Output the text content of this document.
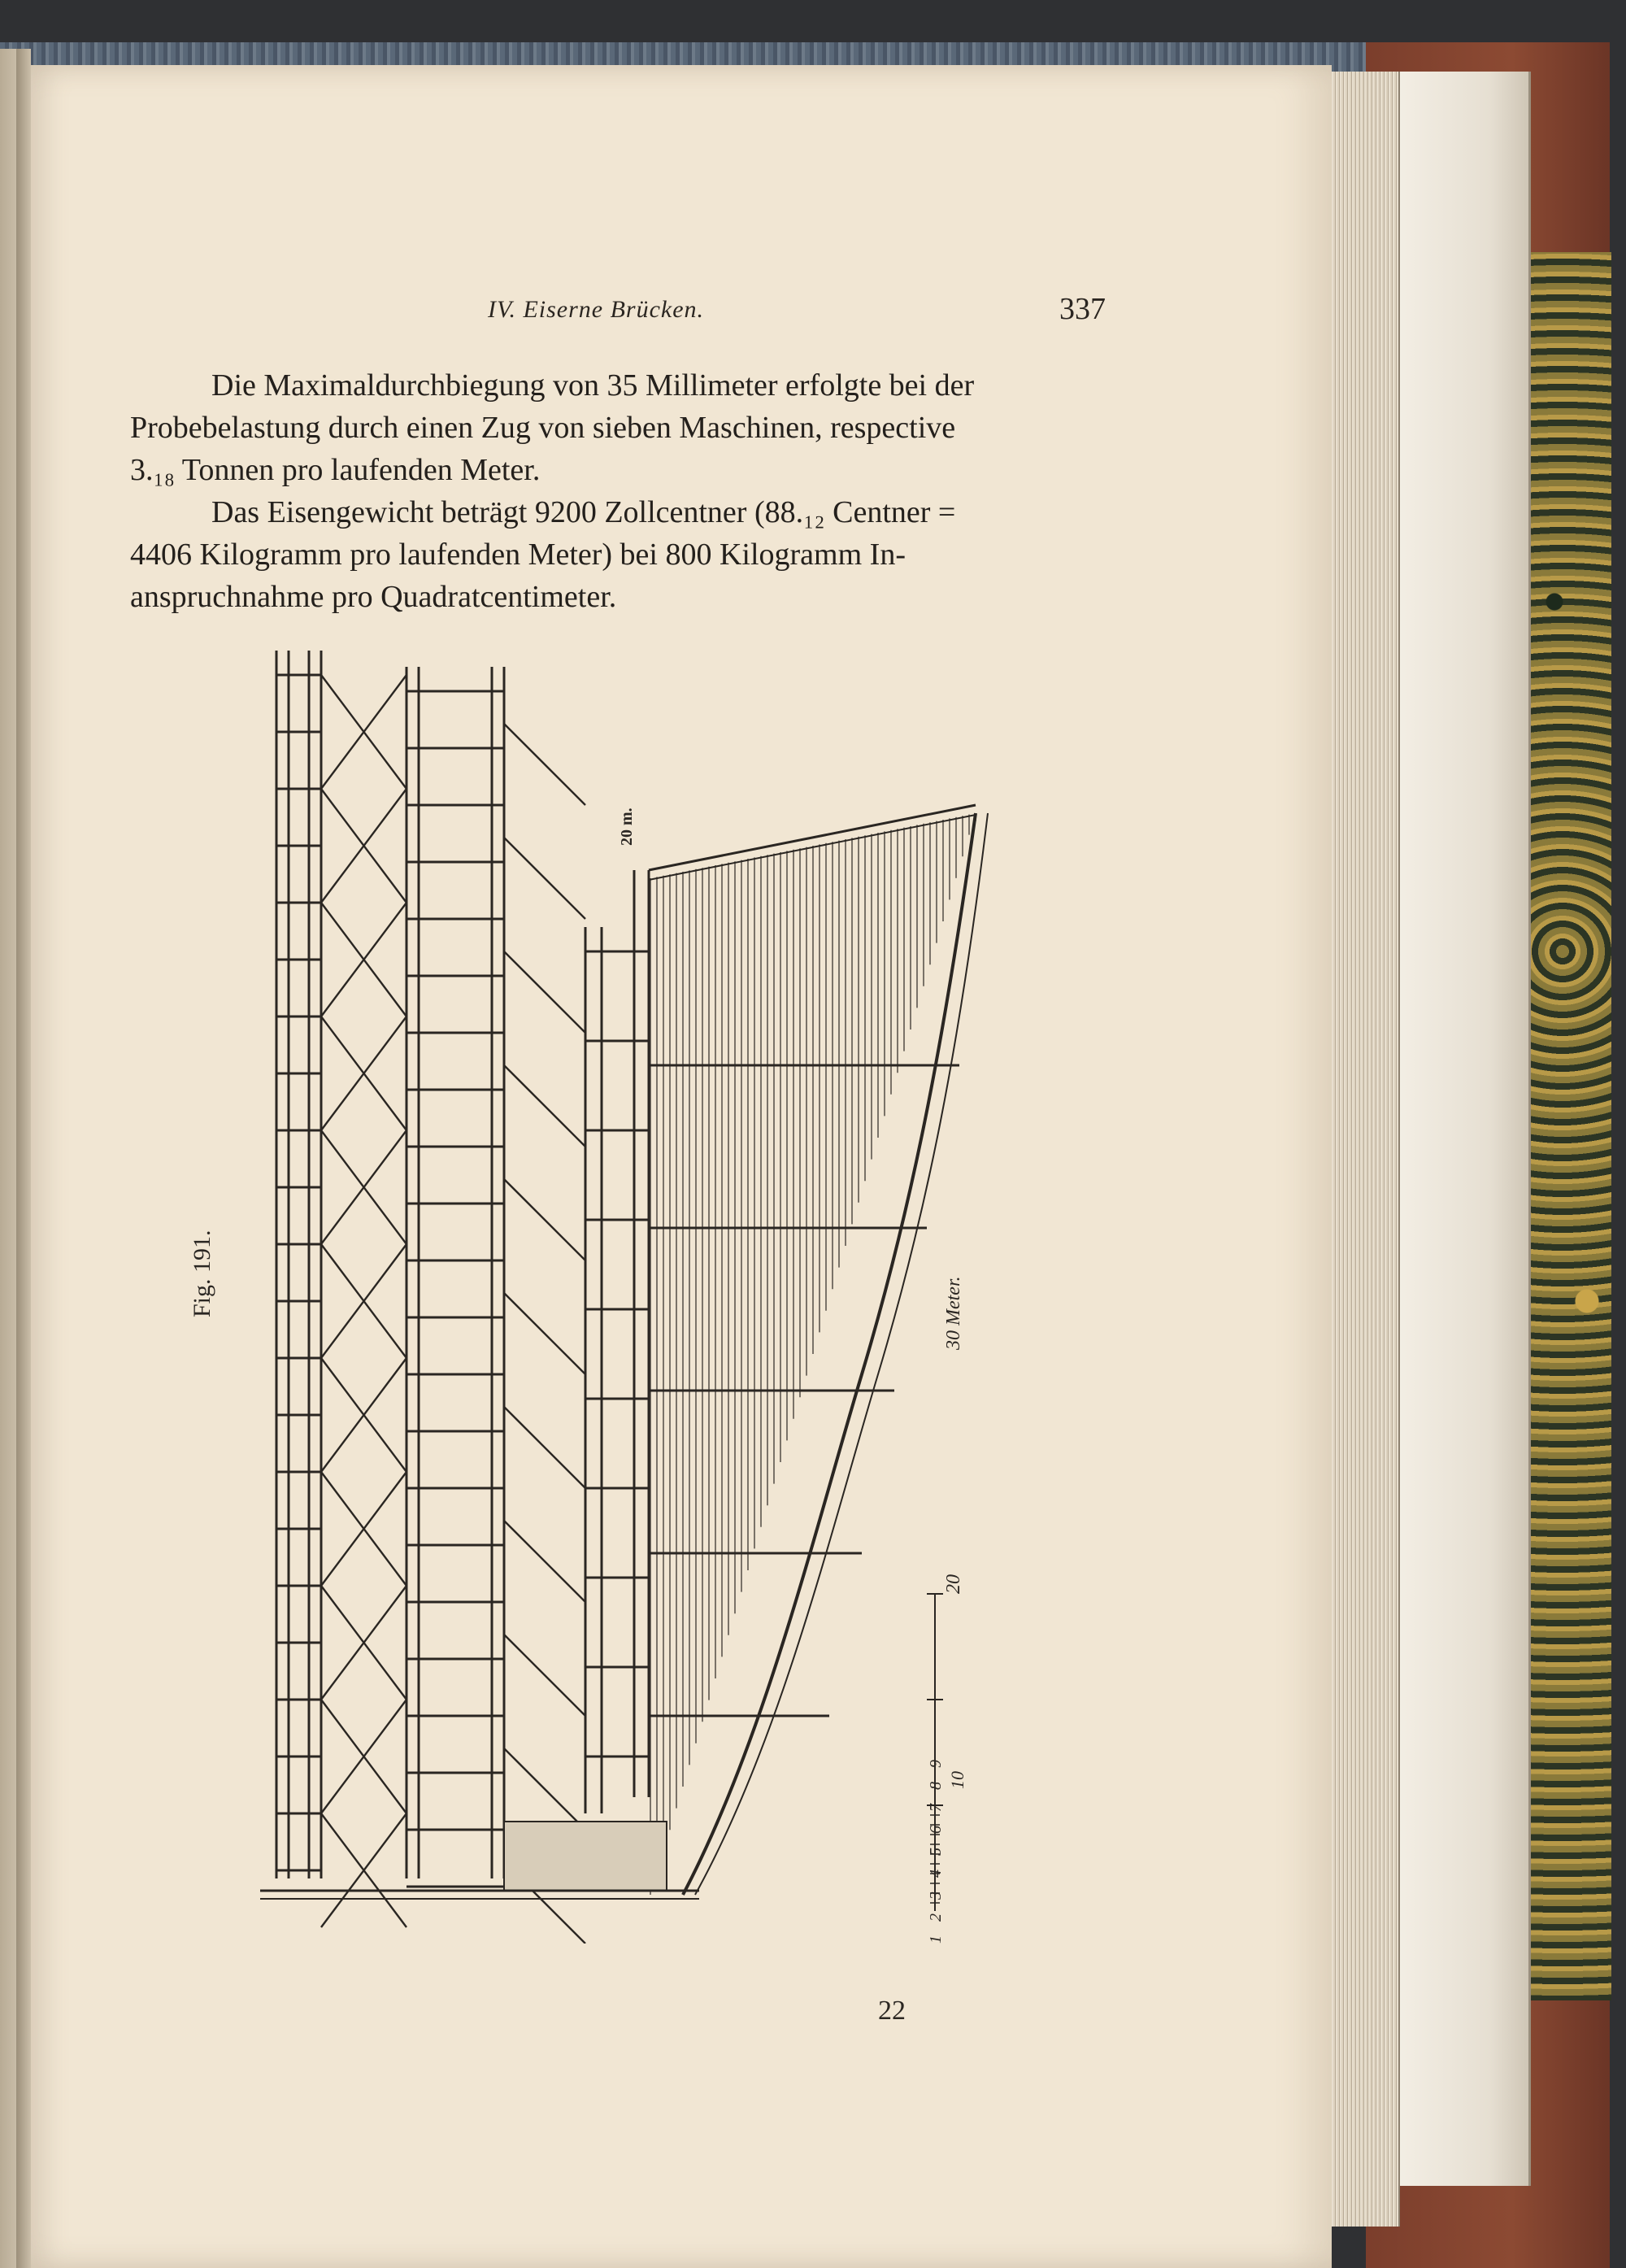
IV. Eiserne Brücken.	337

Die Maximaldurchbiegung von 35 Millimeter erfolgte bei der
Probebelastung durch einen Zug von sieben Maschinen, respective
3.₁₈ Tonnen pro laufenden Meter.

Das Eisengewicht beträgt 9200 Zollcentner (88.₁₂ Centner =
4406 Kilogramm pro laufenden Meter) bei 800 Kilogramm In-
anspruchnahme pro Quadratcentimeter.

Fig. 191.
20 m.
30 Meter.
20
10
1 2 3 4 5 6 7 8 9
22
